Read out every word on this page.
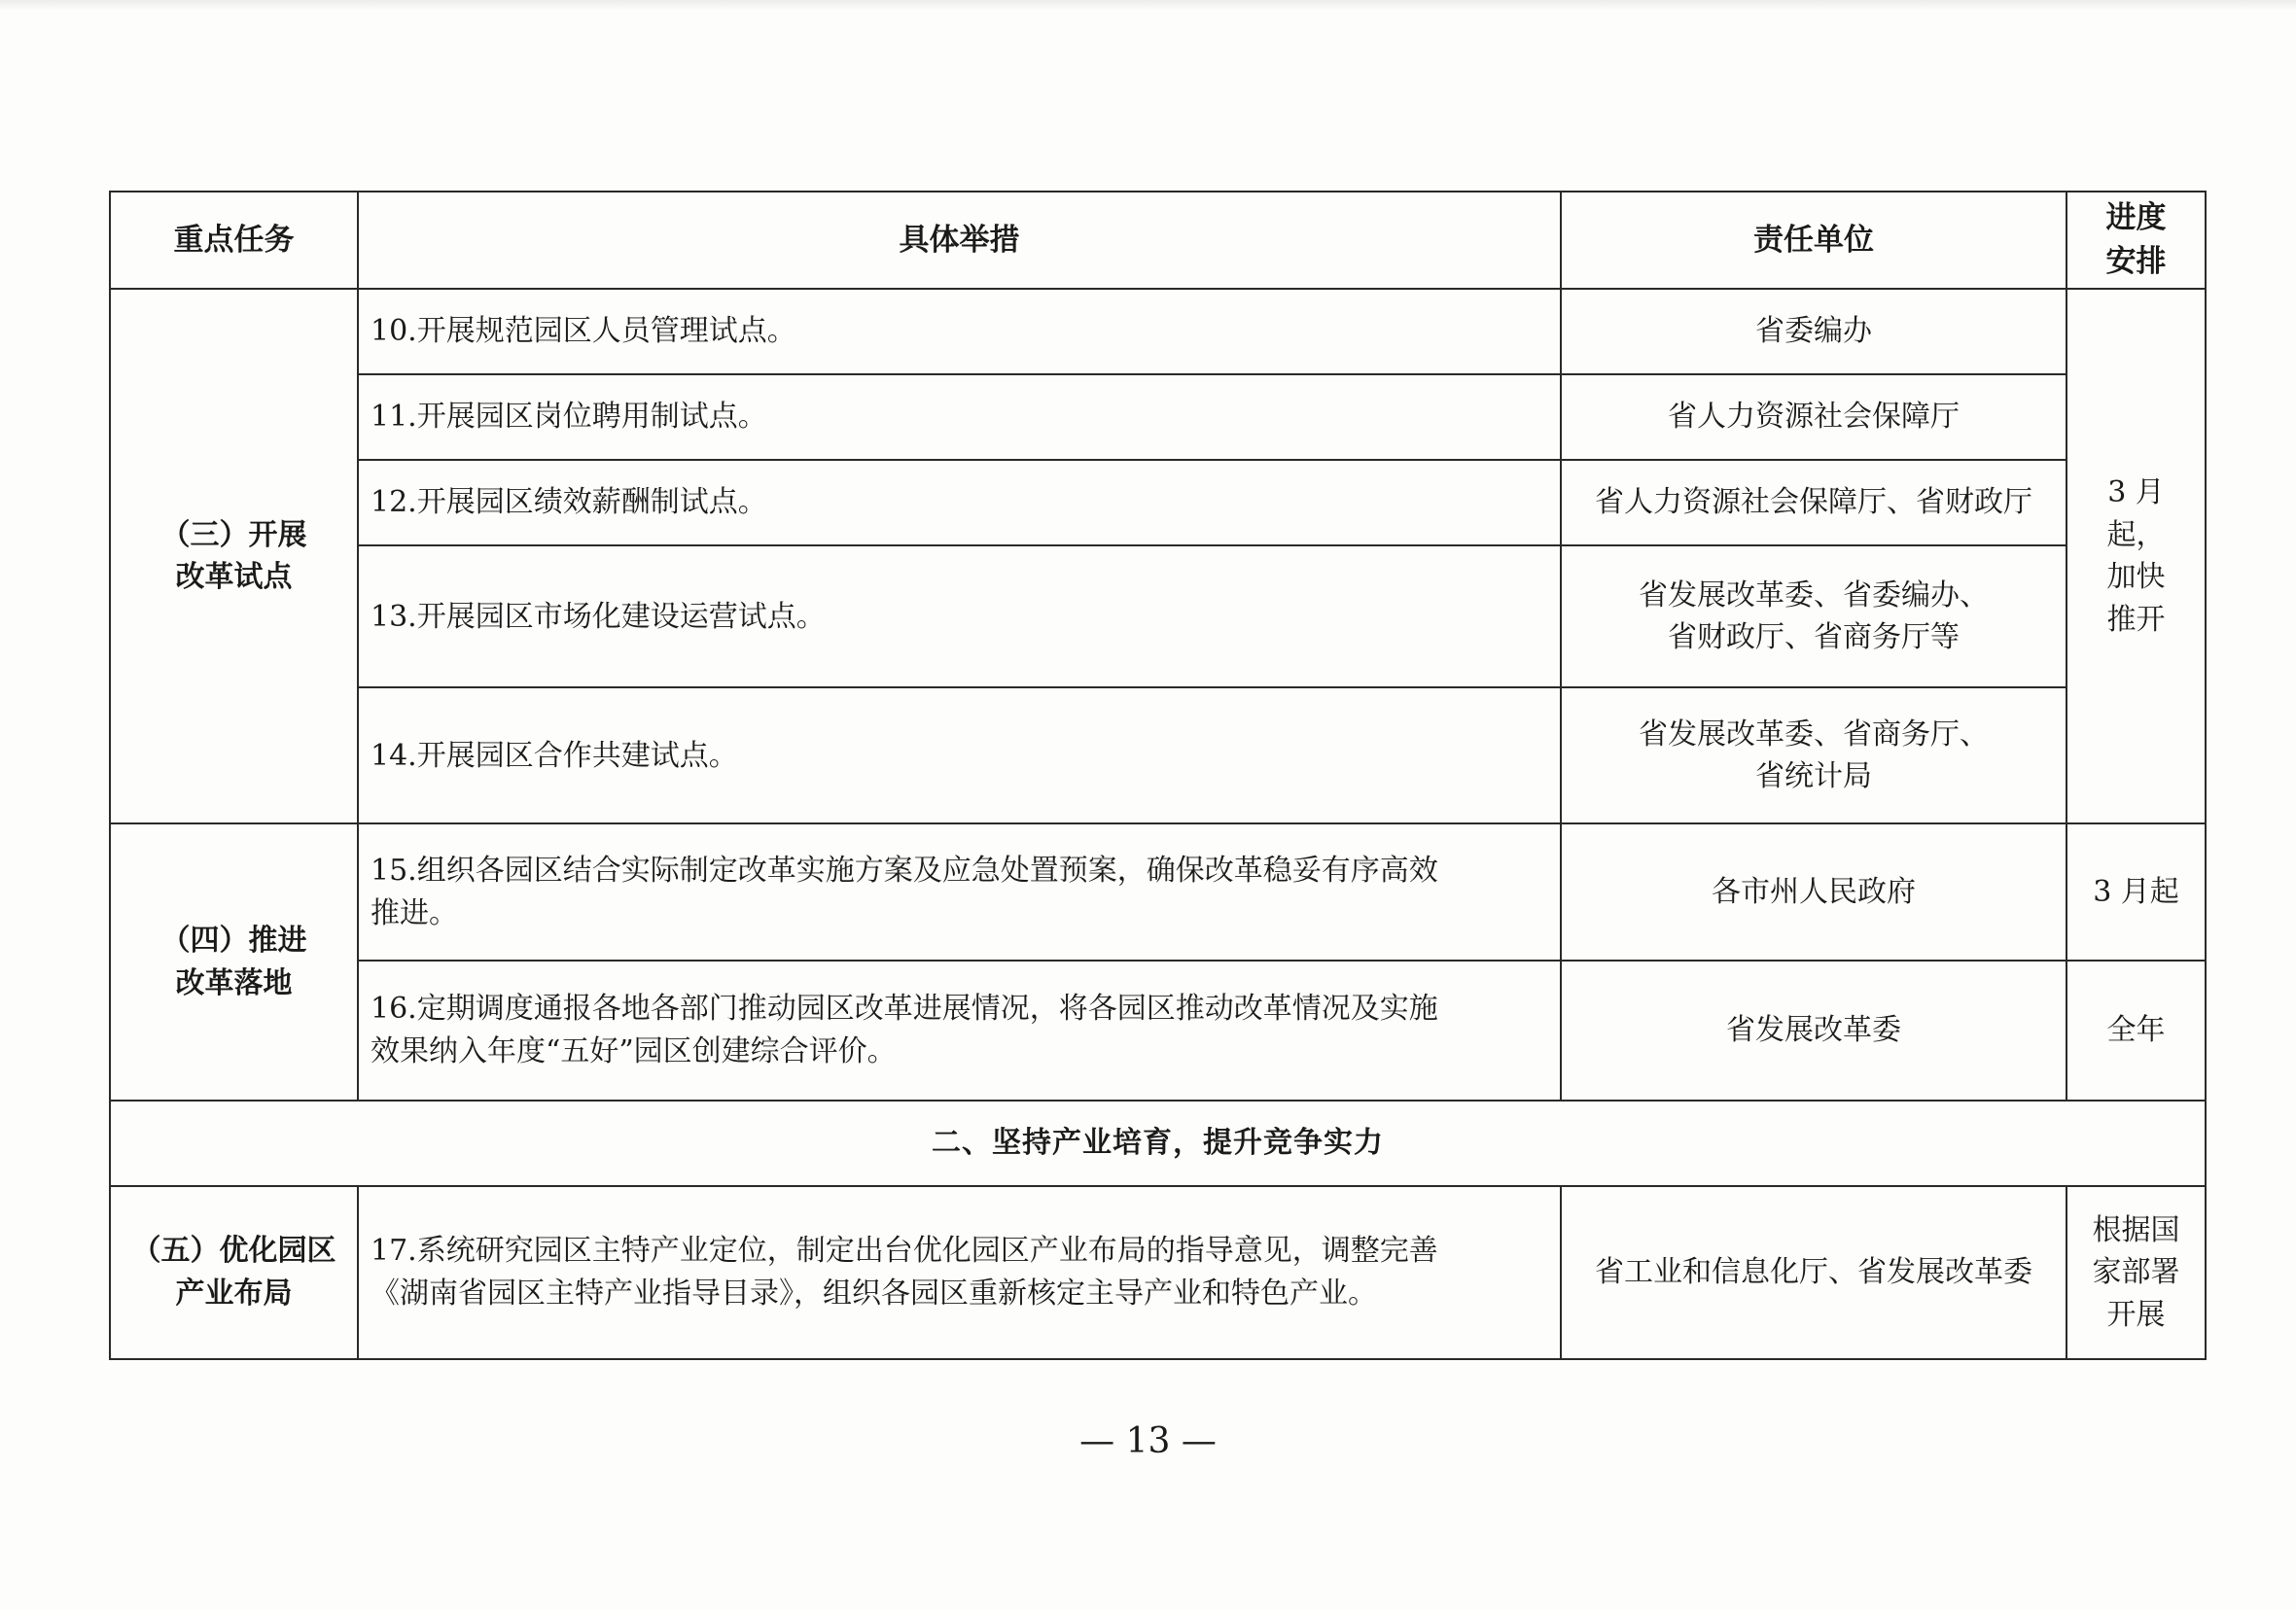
重点任务	具体举措	责任单位	进度
安排

（三）开展
改革试点	10.开展规范园区人员管理试点。	省委编办	3 月起，
加快
推开

	11.开展园区岗位聘用制试点。	省人力资源社会保障厅	
	12.开展园区绩效薪酬制试点。	省人力资源社会保障厅、省财政厅	
	13.开展园区市场化建设运营试点。	省发展改革委、省委编办、
省财政厅、省商务厅等	

	14.开展园区合作共建试点。	省发展改革委、省商务厅、
省统计局	

（四）推进
改革落地	15.组织各园区结合实际制定改革实施方案及应急处置预案，确保改革稳妥有序高效
推进。	各市州人民政府	3 月起

	16.定期调度通报各地各部门推动园区改革进展情况，将各园区推动改革情况及实施
效果纳入年度“五好”园区创建综合评价。	省发展改革委	全年
二、坚持产业培育，提升竞争实力			

（五）优化园区
产业布局	17.系统研究园区主特产业定位，制定出台优化园区产业布局的指导意见，调整完善
《湖南省园区主特产业指导目录》，组织各园区重新核定主导产业和特色产业。	省工业和信息化厅、省发展改革委	根据国
家部署
开展
— 13 —
